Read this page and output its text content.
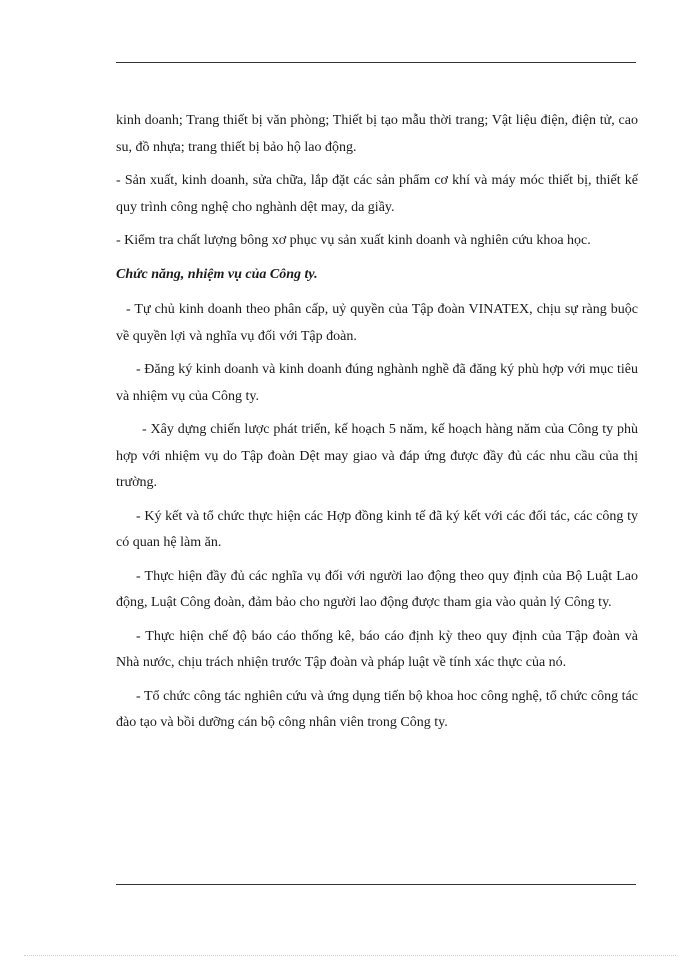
kinh doanh; Trang thiết bị văn phòng; Thiết bị tạo mẫu thời trang; Vật liệu điện, điện tử, cao su, đồ nhựa; trang thiết bị bảo hộ lao động.

- Sản xuất, kinh doanh, sửa chữa, lắp đặt các sản phẩm cơ khí và máy móc thiết bị, thiết kế quy trình công nghệ cho nghành dệt may, da giầy.

- Kiểm tra chất lượng bông xơ phục vụ sản xuất kinh doanh và nghiên cứu khoa học.

Chức năng, nhiệm vụ của Công ty.

- Tự chủ kinh doanh theo phân cấp, uỷ quyền của Tập đoàn VINATEX, chịu sự ràng buộc về quyền lợi và nghĩa vụ đối với Tập đoàn.

- Đăng ký kinh doanh và kinh doanh đúng nghành nghề đã đăng ký phù hợp với mục tiêu và nhiệm vụ của Công ty.

- Xây dựng chiến lược phát triển, kế hoạch 5 năm, kế hoạch hàng năm của Công ty phù hợp với nhiệm vụ do Tập đoàn Dệt may giao và đáp ứng được đầy đủ các nhu cầu của thị trường.

- Ký kết và tổ chức thực hiện các Hợp đồng kinh tế đã ký kết với các đối tác, các công ty có quan hệ làm ăn.

- Thực hiện đầy đủ các nghĩa vụ đối với người lao động theo quy định của Bộ Luật Lao động, Luật Công đoàn, đảm bảo cho người lao động được tham gia vào quản lý Công ty.

- Thực hiện chế độ báo cáo thống kê, báo cáo định kỳ theo quy định của Tập đoàn và Nhà nước, chịu trách nhiện trước Tập đoàn và pháp luật về tính xác thực của nó.

- Tổ chức công tác nghiên cứu và ứng dụng tiến bộ khoa hoc công nghệ, tổ chức công tác đào tạo và bồi dưỡng cán bộ công nhân viên trong Công ty.
